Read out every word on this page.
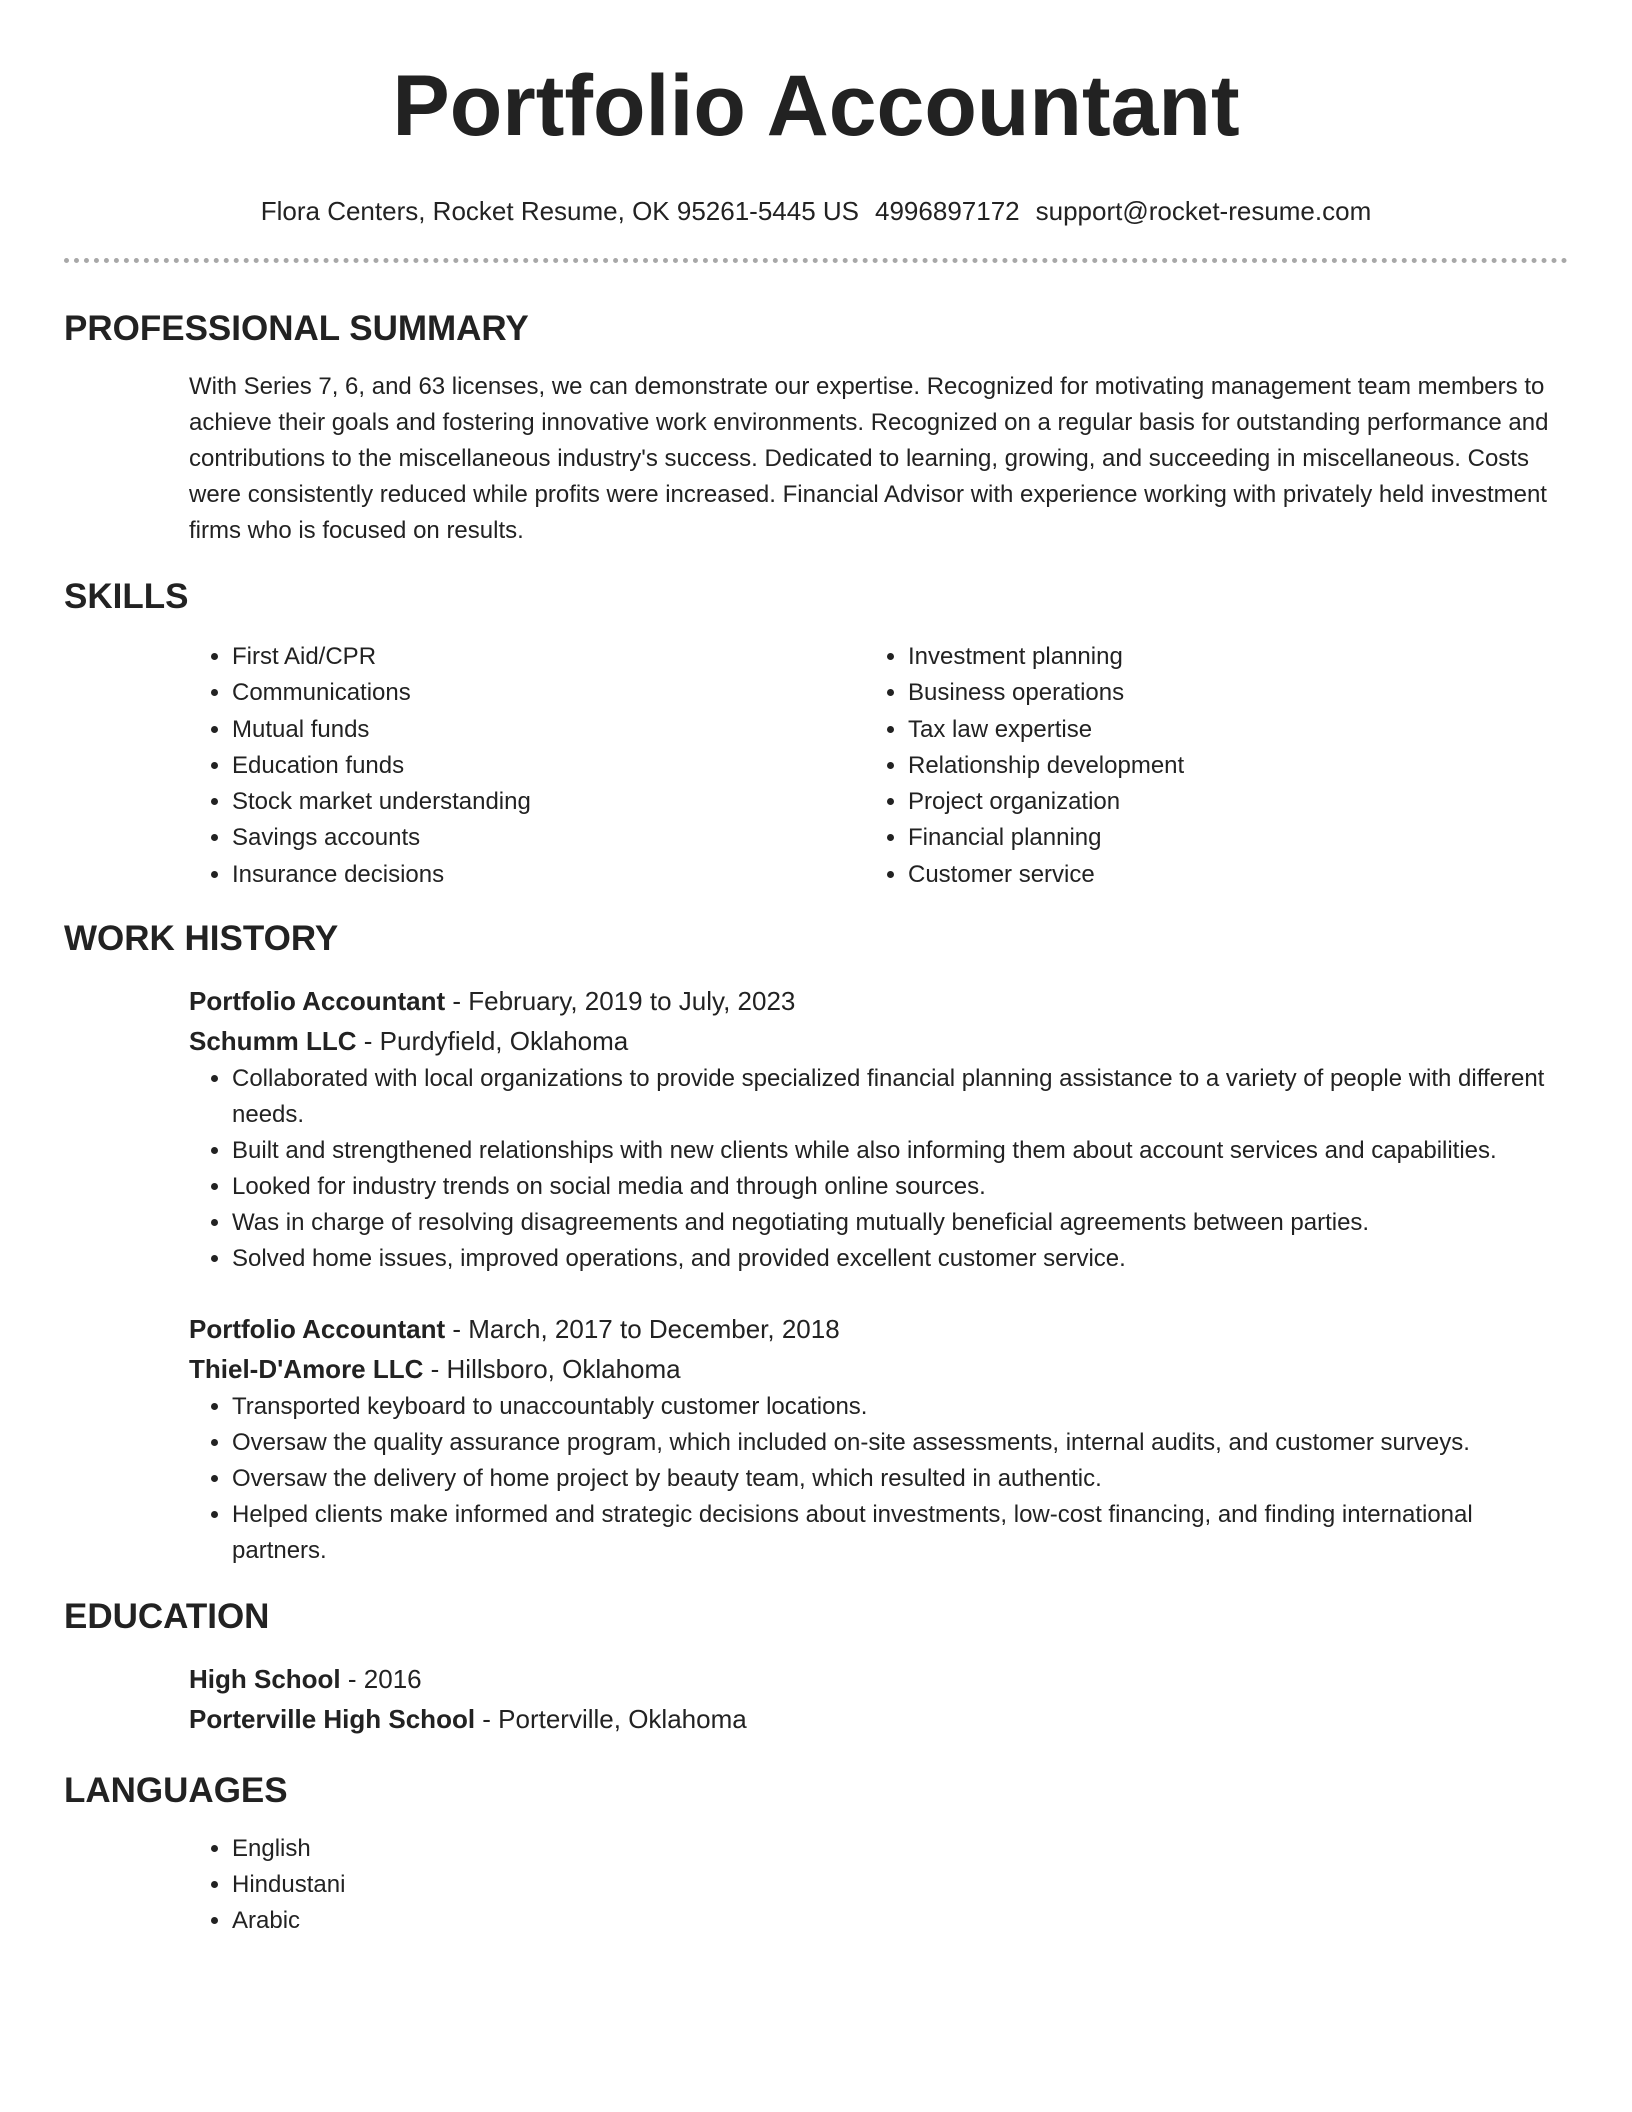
Portfolio Accountant
Flora Centers, Rocket Resume, OK 95261-5445 US 4996897172 support@rocket-resume.com
PROFESSIONAL SUMMARY
With Series 7, 6, and 63 licenses, we can demonstrate our expertise. Recognized for motivating management team members to achieve their goals and fostering innovative work environments. Recognized on a regular basis for outstanding performance and contributions to the miscellaneous industry's success. Dedicated to learning, growing, and succeeding in miscellaneous. Costs were consistently reduced while profits were increased. Financial Advisor with experience working with privately held investment firms who is focused on results.
SKILLS
• First Aid/CPR
• Communications
• Mutual funds
• Education funds
• Stock market understanding
• Savings accounts
• Insurance decisions
• Investment planning
• Business operations
• Tax law expertise
• Relationship development
• Project organization
• Financial planning
• Customer service
WORK HISTORY
Portfolio Accountant - February, 2019 to July, 2023
Schumm LLC - Purdyfield, Oklahoma
• Collaborated with local organizations to provide specialized financial planning assistance to a variety of people with different needs.
• Built and strengthened relationships with new clients while also informing them about account services and capabilities.
• Looked for industry trends on social media and through online sources.
• Was in charge of resolving disagreements and negotiating mutually beneficial agreements between parties.
• Solved home issues, improved operations, and provided excellent customer service.
Portfolio Accountant - March, 2017 to December, 2018
Thiel-D'Amore LLC - Hillsboro, Oklahoma
• Transported keyboard to unaccountably customer locations.
• Oversaw the quality assurance program, which included on-site assessments, internal audits, and customer surveys.
• Oversaw the delivery of home project by beauty team, which resulted in authentic.
• Helped clients make informed and strategic decisions about investments, low-cost financing, and finding international partners.
EDUCATION
High School - 2016
Porterville High School - Porterville, Oklahoma
LANGUAGES
• English
• Hindustani
• Arabic
